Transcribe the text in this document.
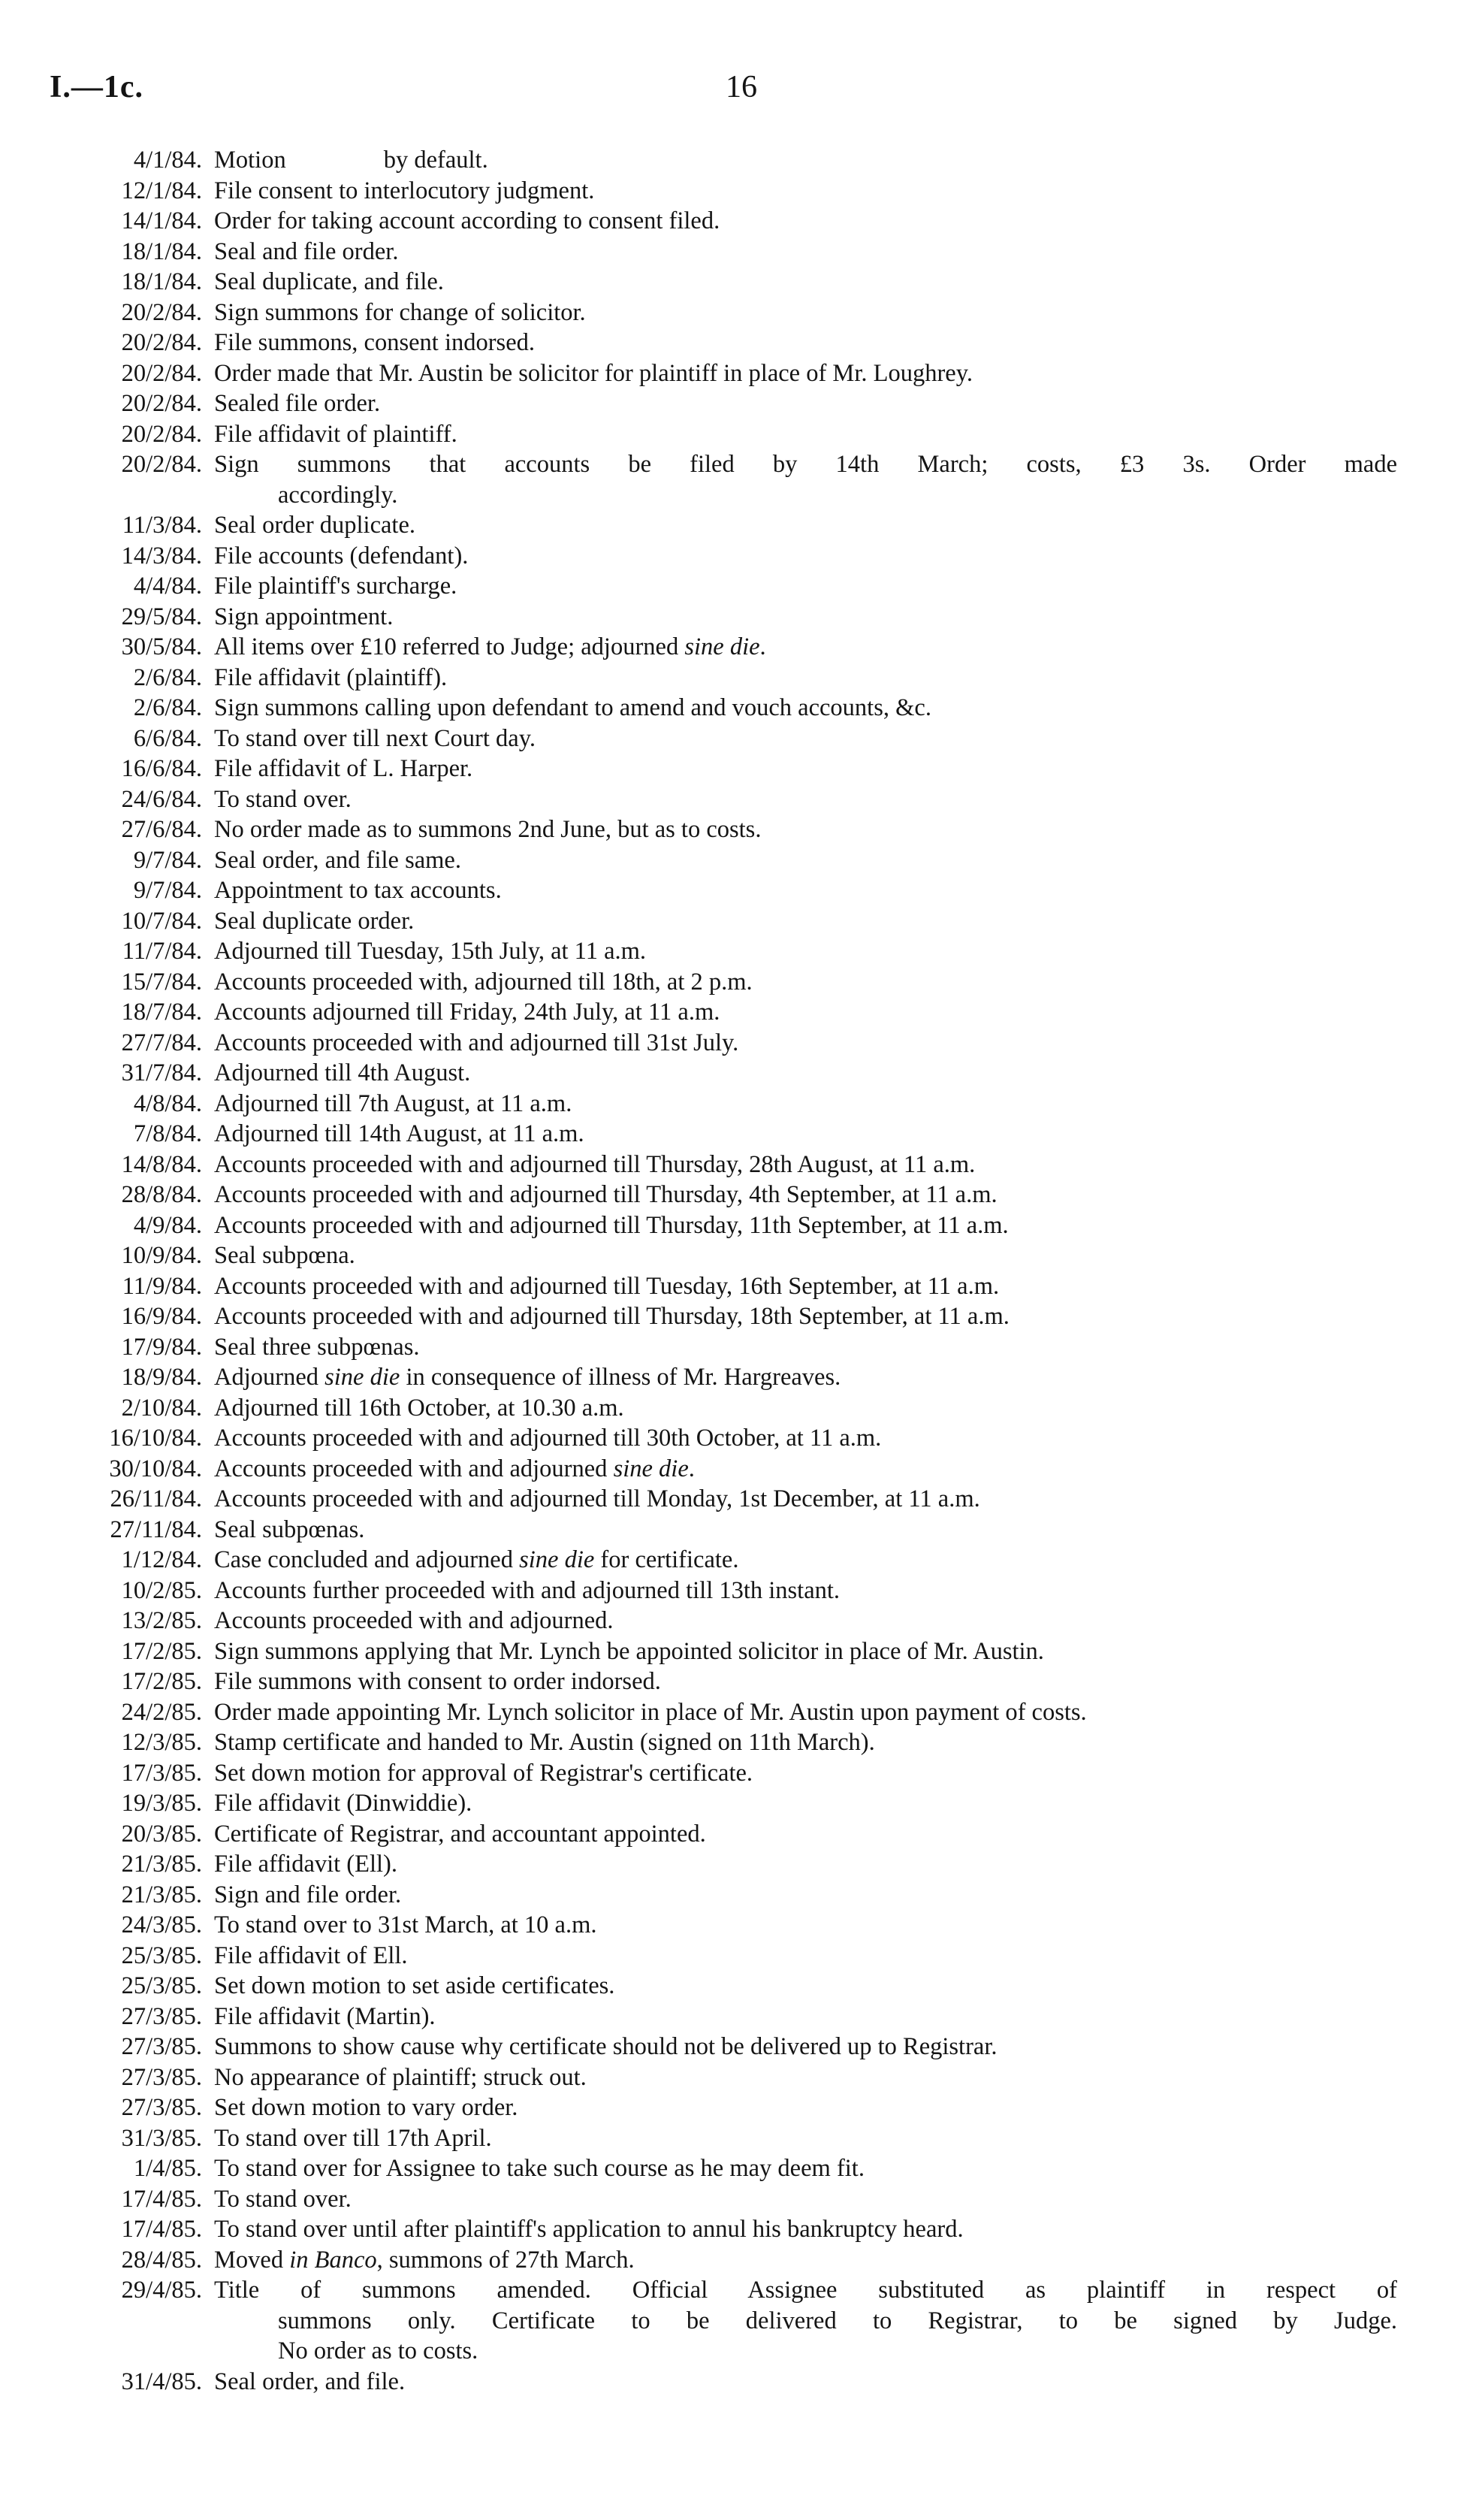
I.—1c.	16
4/1/84. Motion                by default.
12/1/84. File consent to interlocutory judgment.
14/1/84. Order for taking account according to consent filed.
18/1/84. Seal and file order.
18/1/84. Seal duplicate, and file.
20/2/84. Sign summons for change of solicitor.
20/2/84. File summons, consent indorsed.
20/2/84. Order made that Mr. Austin be solicitor for plaintiff in place of Mr. Loughrey.
20/2/84. Sealed file order.
20/2/84. File affidavit of plaintiff.
20/2/84. Sign summons that accounts be filed by 14th March; costs, £3 3s. Order made
accordingly.
11/3/84. Seal order duplicate.
14/3/84. File accounts (defendant).
4/4/84. File plaintiff's surcharge.
29/5/84. Sign appointment.
30/5/84. All items over £10 referred to Judge; adjourned sine die.
2/6/84. File affidavit (plaintiff).
2/6/84. Sign summons calling upon defendant to amend and vouch accounts, &c.
6/6/84. To stand over till next Court day.
16/6/84. File affidavit of L. Harper.
24/6/84. To stand over.
27/6/84. No order made as to summons 2nd June, but as to costs.
9/7/84. Seal order, and file same.
9/7/84. Appointment to tax accounts.
10/7/84. Seal duplicate order.
11/7/84. Adjourned till Tuesday, 15th July, at 11 a.m.
15/7/84. Accounts proceeded with, adjourned till 18th, at 2 p.m.
18/7/84. Accounts adjourned till Friday, 24th July, at 11 a.m.
27/7/84. Accounts proceeded with and adjourned till 31st July.
31/7/84. Adjourned till 4th August.
4/8/84. Adjourned till 7th August, at 11 a.m.
7/8/84. Adjourned till 14th August, at 11 a.m.
14/8/84. Accounts proceeded with and adjourned till Thursday, 28th August, at 11 a.m.
28/8/84. Accounts proceeded with and adjourned till Thursday, 4th September, at 11 a.m.
4/9/84. Accounts proceeded with and adjourned till Thursday, 11th September, at 11 a.m.
10/9/84. Seal subpœna.
11/9/84. Accounts proceeded with and adjourned till Tuesday, 16th September, at 11 a.m.
16/9/84. Accounts proceeded with and adjourned till Thursday, 18th September, at 11 a.m.
17/9/84. Seal three subpœnas.
18/9/84. Adjourned sine die in consequence of illness of Mr. Hargreaves.
2/10/84. Adjourned till 16th October, at 10.30 a.m.
16/10/84. Accounts proceeded with and adjourned till 30th October, at 11 a.m.
30/10/84. Accounts proceeded with and adjourned sine die.
26/11/84. Accounts proceeded with and adjourned till Monday, 1st December, at 11 a.m.
27/11/84. Seal subpœnas.
1/12/84. Case concluded and adjourned sine die for certificate.
10/2/85. Accounts further proceeded with and adjourned till 13th instant.
13/2/85. Accounts proceeded with and adjourned.
17/2/85. Sign summons applying that Mr. Lynch be appointed solicitor in place of Mr. Austin.
17/2/85. File summons with consent to order indorsed.
24/2/85. Order made appointing Mr. Lynch solicitor in place of Mr. Austin upon payment of costs.
12/3/85. Stamp certificate and handed to Mr. Austin (signed on 11th March).
17/3/85. Set down motion for approval of Registrar's certificate.
19/3/85. File affidavit (Dinwiddie).
20/3/85. Certificate of Registrar, and accountant appointed.
21/3/85. File affidavit (Ell).
21/3/85. Sign and file order.
24/3/85. To stand over to 31st March, at 10 a.m.
25/3/85. File affidavit of Ell.
25/3/85. Set down motion to set aside certificates.
27/3/85. File affidavit (Martin).
27/3/85. Summons to show cause why certificate should not be delivered up to Registrar.
27/3/85. No appearance of plaintiff; struck out.
27/3/85. Set down motion to vary order.
31/3/85. To stand over till 17th April.
1/4/85. To stand over for Assignee to take such course as he may deem fit.
17/4/85. To stand over.
17/4/85. To stand over until after plaintiff's application to annul his bankruptcy heard.
28/4/85. Moved in Banco, summons of 27th March.
29/4/85. Title of summons amended. Official Assignee substituted as plaintiff in respect of
summons only. Certificate to be delivered to Registrar, to be signed by Judge.
No order as to costs.
31/4/85. Seal order, and file.
